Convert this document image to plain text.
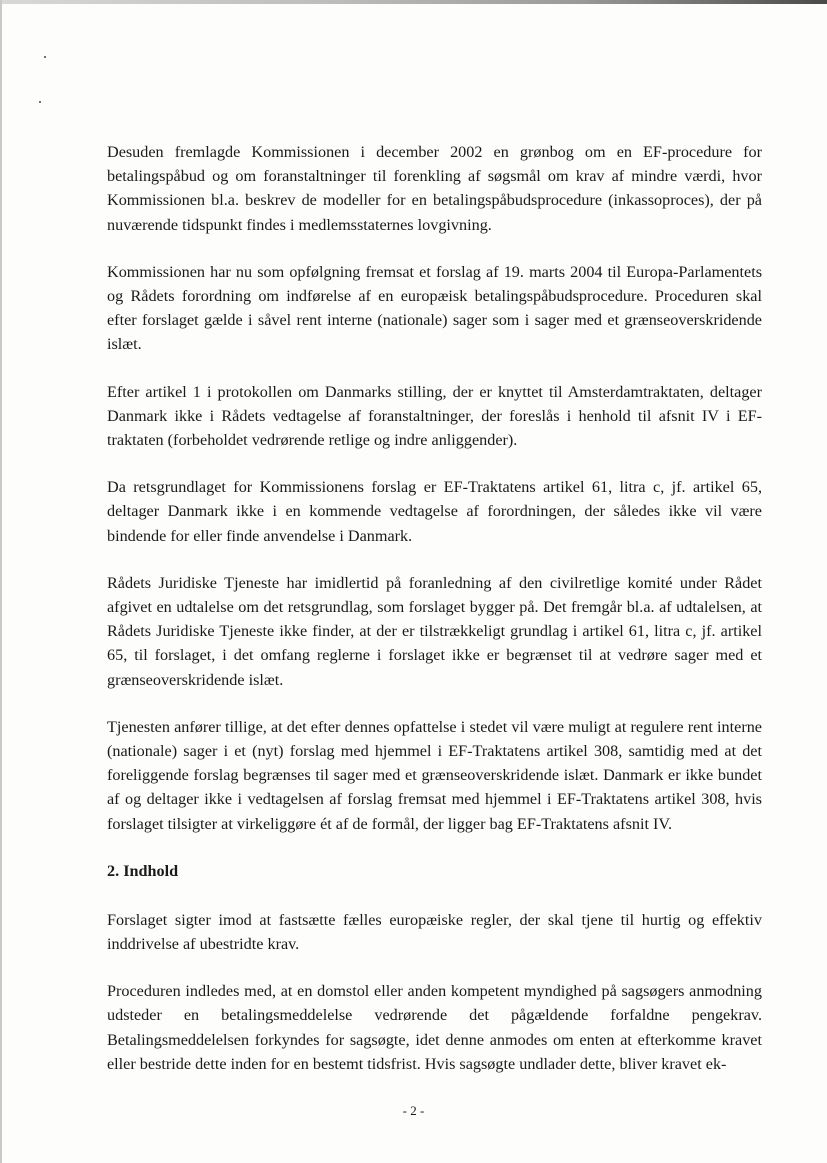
Desuden fremlagde Kommissionen i december 2002 en grønbog om en EF-procedure for betalingspåbud og om foranstaltninger til forenkling af søgsmål om krav af mindre værdi, hvor Kommissionen bl.a. beskrev de modeller for en betalingspåbudsprocedure (inkassoproces), der på nuværende tidspunkt findes i medlemsstaternes lovgivning.

Kommissionen har nu som opfølgning fremsat et forslag af 19. marts 2004 til Europa-Parlamentets og Rådets forordning om indførelse af en europæisk betalingspåbudsprocedure. Proceduren skal efter forslaget gælde i såvel rent interne (nationale) sager som i sager med et grænseoverskridende islæt.

Efter artikel 1 i protokollen om Danmarks stilling, der er knyttet til Amsterdamtraktaten, deltager Danmark ikke i Rådets vedtagelse af foranstaltninger, der foreslås i henhold til afsnit IV i EF-traktaten (forbeholdet vedrørende retlige og indre anliggender).

Da retsgrundlaget for Kommissionens forslag er EF-Traktatens artikel 61, litra c, jf. artikel 65, deltager Danmark ikke i en kommende vedtagelse af forordningen, der således ikke vil være bindende for eller finde anvendelse i Danmark.

Rådets Juridiske Tjeneste har imidlertid på foranledning af den civilretlige komité under Rådet afgivet en udtalelse om det retsgrundlag, som forslaget bygger på. Det fremgår bl.a. af udtalelsen, at Rådets Juridiske Tjeneste ikke finder, at der er tilstrækkeligt grundlag i artikel 61, litra c, jf. artikel 65, til forslaget, i det omfang reglerne i forslaget ikke er begrænset til at vedrøre sager med et grænseoverskridende islæt.

Tjenesten anfører tillige, at det efter dennes opfattelse i stedet vil være muligt at regulere rent interne (nationale) sager i et (nyt) forslag med hjemmel i EF-Traktatens artikel 308, samtidig med at det foreliggende forslag begrænses til sager med et grænseoverskridende islæt. Danmark er ikke bundet af og deltager ikke i vedtagelsen af forslag fremsat med hjemmel i EF-Traktatens artikel 308, hvis forslaget tilsigter at virkeliggøre ét af de formål, der ligger bag EF-Traktatens afsnit IV.

2. Indhold

Forslaget sigter imod at fastsætte fælles europæiske regler, der skal tjene til hurtig og effektiv inddrivelse af ubestridte krav.

Proceduren indledes med, at en domstol eller anden kompetent myndighed på sagsøgers anmodning udsteder en betalingsmeddelelse vedrørende det pågældende forfaldne pengekrav. Betalingsmeddelelsen forkyndes for sagsøgte, idet denne anmodes om enten at efterkomme kravet eller bestride dette inden for en bestemt tidsfrist. Hvis sagsøgte undlader dette, bliver kravet ek-

- 2 -
